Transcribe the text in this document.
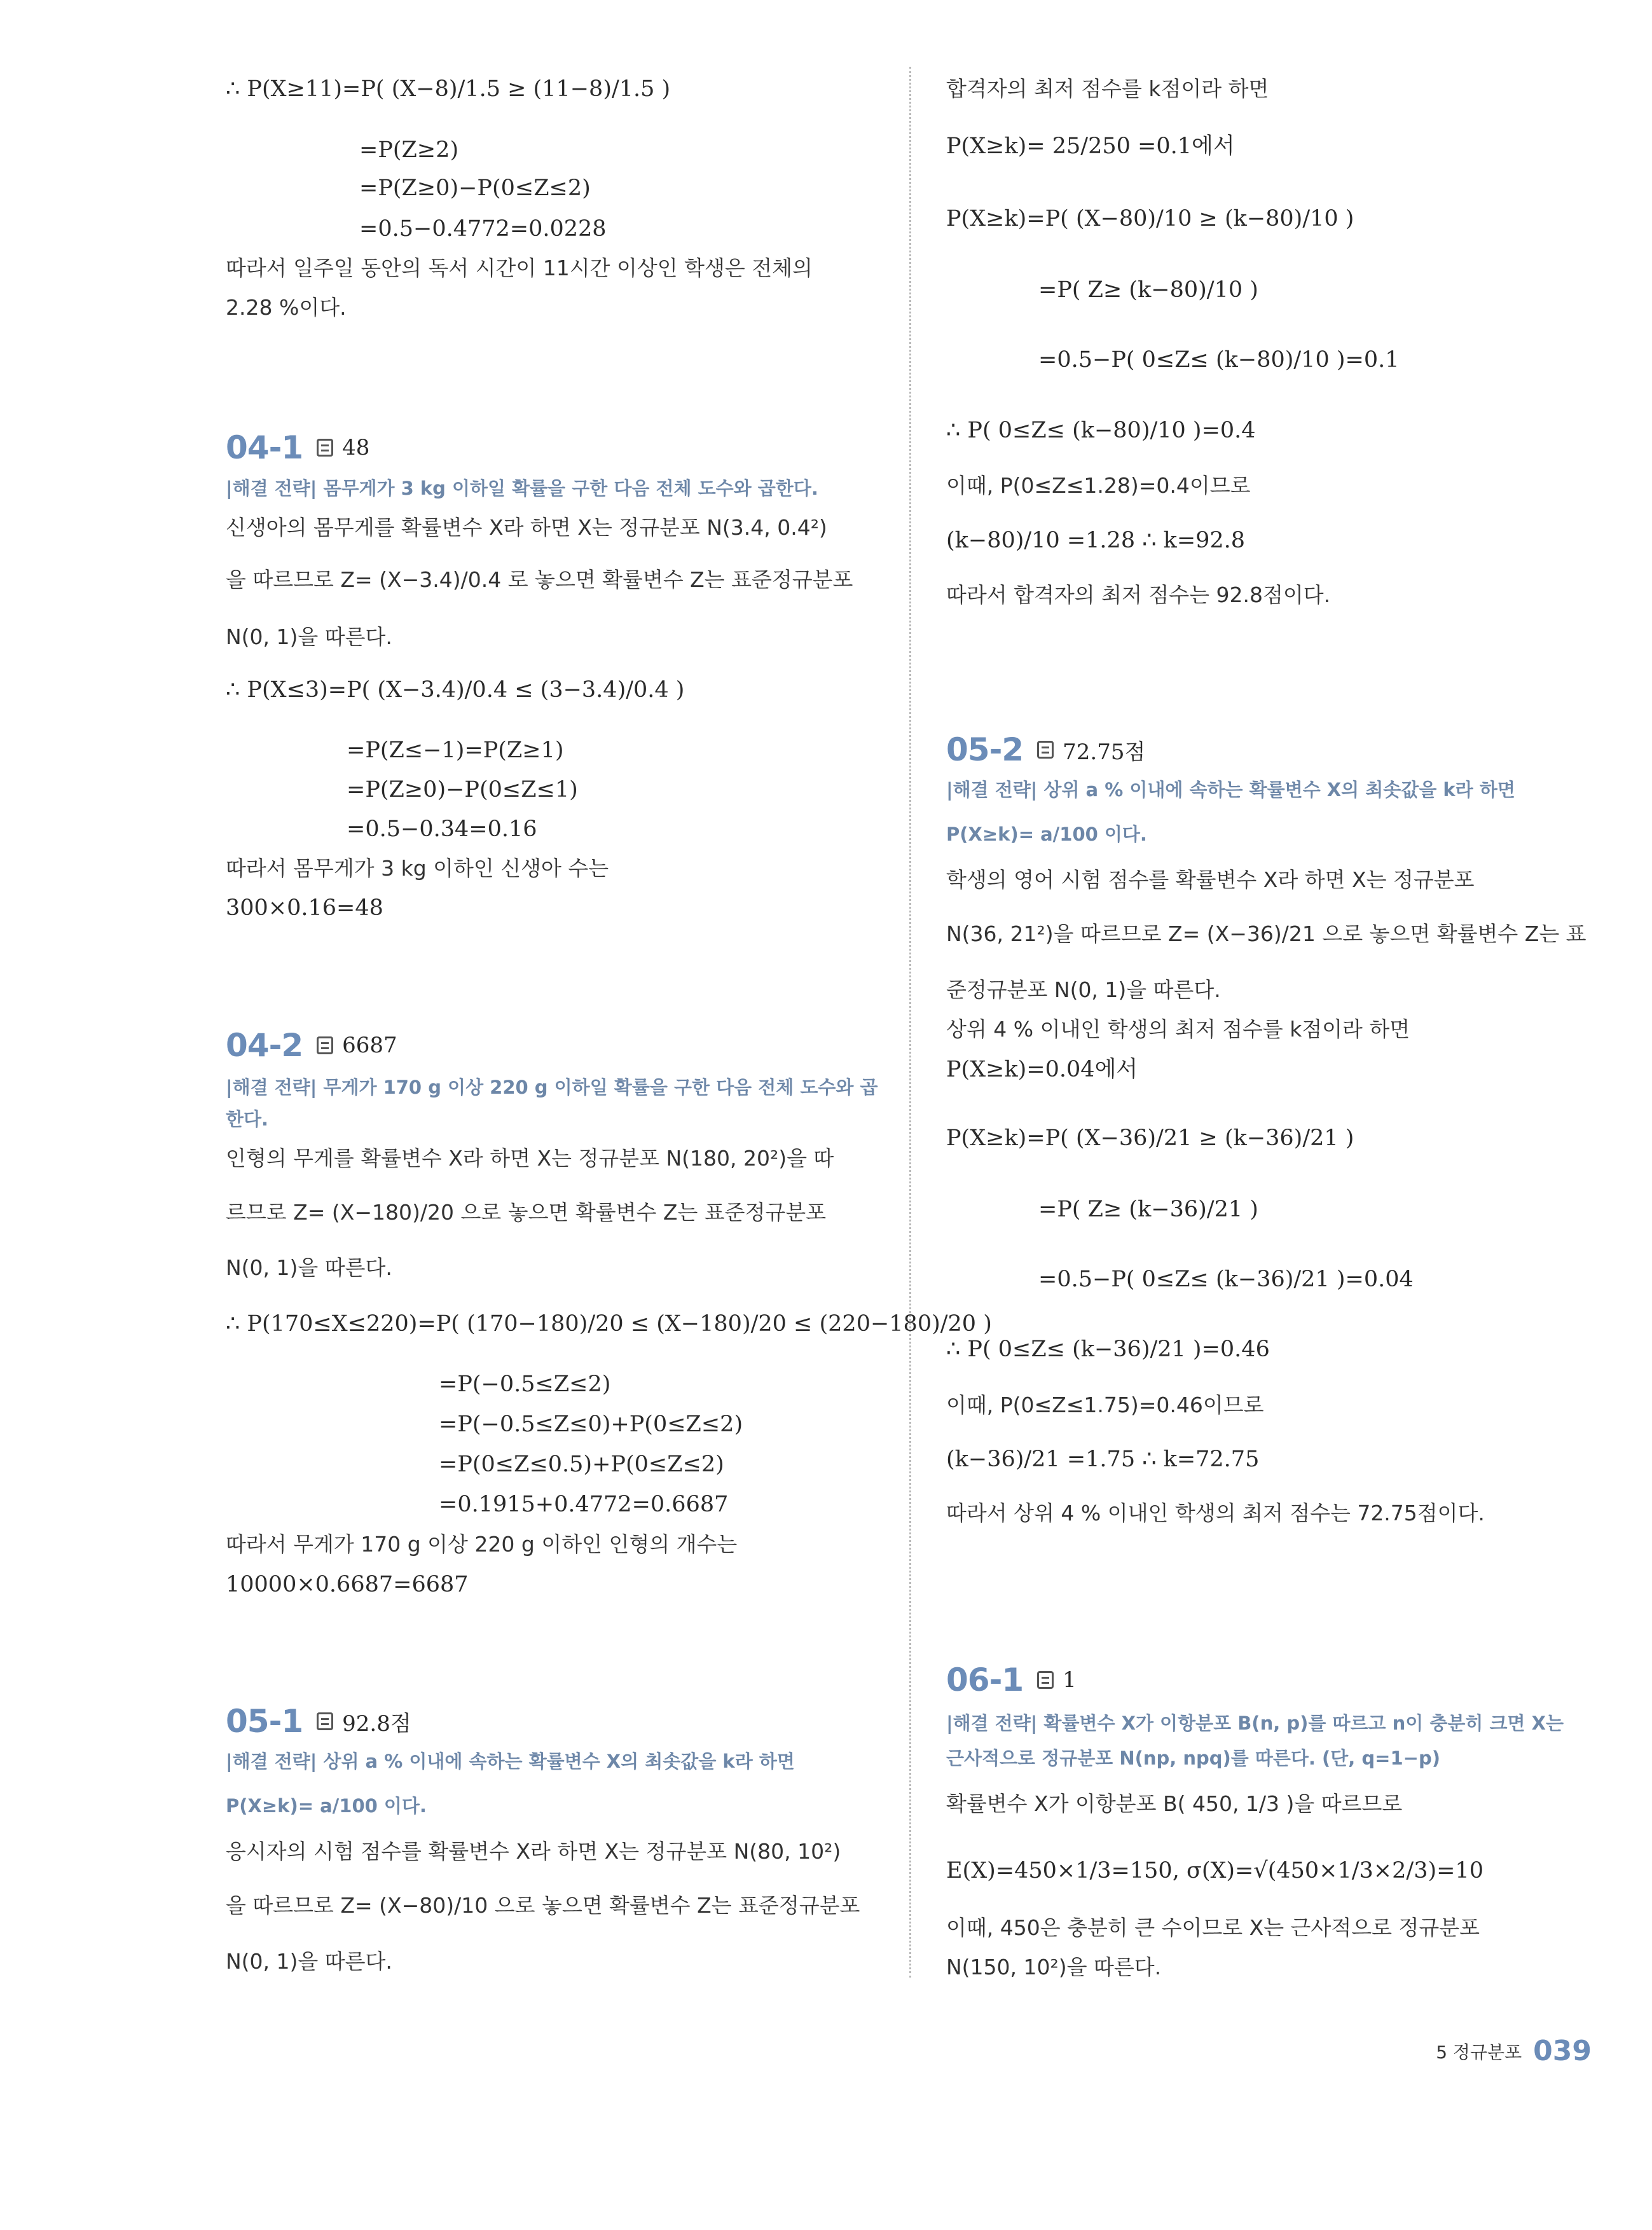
∴ P(X≥11)=P( (X−8)/1.5 ≥ (11−8)/1.5 )
=P(Z≥2)
=P(Z≥0)−P(0≤Z≤2)
=0.5−0.4772=0.0228
따라서 일주일 동안의 독서 시간이 11시간 이상인 학생은 전체의
2.28 %이다.
04-1 48
|해결 전략| 몸무게가 3 kg 이하일 확률을 구한 다음 전체 도수와 곱한다.
신생아의 몸무게를 확률변수 X라 하면 X는 정규분포 N(3.4, 0.4²)
을 따르므로 Z= (X−3.4)/0.4 로 놓으면 확률변수 Z는 표준정규분포
N(0, 1)을 따른다.
∴ P(X≤3)=P( (X−3.4)/0.4 ≤ (3−3.4)/0.4 )
=P(Z≤−1)=P(Z≥1)
=P(Z≥0)−P(0≤Z≤1)
=0.5−0.34=0.16
따라서 몸무게가 3 kg 이하인 신생아 수는
300×0.16=48
04-2 6687
|해결 전략| 무게가 170 g 이상 220 g 이하일 확률을 구한 다음 전체 도수와 곱
한다.
인형의 무게를 확률변수 X라 하면 X는 정규분포 N(180, 20²)을 따
르므로 Z= (X−180)/20 으로 놓으면 확률변수 Z는 표준정규분포
N(0, 1)을 따른다.
∴ P(170≤X≤220)=P( (170−180)/20 ≤ (X−180)/20 ≤ (220−180)/20 )
=P(−0.5≤Z≤2)
=P(−0.5≤Z≤0)+P(0≤Z≤2)
=P(0≤Z≤0.5)+P(0≤Z≤2)
=0.1915+0.4772=0.6687
따라서 무게가 170 g 이상 220 g 이하인 인형의 개수는
10000×0.6687=6687
05-1 92.8점
|해결 전략| 상위 a % 이내에 속하는 확률변수 X의 최솟값을 k라 하면
P(X≥k)= a/100 이다.
응시자의 시험 점수를 확률변수 X라 하면 X는 정규분포 N(80, 10²)
을 따르므로 Z= (X−80)/10 으로 놓으면 확률변수 Z는 표준정규분포
N(0, 1)을 따른다.
합격자의 최저 점수를 k점이라 하면
P(X≥k)= 25/250 =0.1에서
P(X≥k)=P( (X−80)/10 ≥ (k−80)/10 )
=P( Z≥ (k−80)/10 )
=0.5−P( 0≤Z≤ (k−80)/10 )=0.1
∴ P( 0≤Z≤ (k−80)/10 )=0.4
이때, P(0≤Z≤1.28)=0.4이므로
(k−80)/10 =1.28 ∴ k=92.8
따라서 합격자의 최저 점수는 92.8점이다.
05-2 72.75점
|해결 전략| 상위 a % 이내에 속하는 확률변수 X의 최솟값을 k라 하면
P(X≥k)= a/100 이다.
학생의 영어 시험 점수를 확률변수 X라 하면 X는 정규분포
N(36, 21²)을 따르므로 Z= (X−36)/21 으로 놓으면 확률변수 Z는 표
준정규분포 N(0, 1)을 따른다.
상위 4 % 이내인 학생의 최저 점수를 k점이라 하면
P(X≥k)=0.04에서
P(X≥k)=P( (X−36)/21 ≥ (k−36)/21 )
=P( Z≥ (k−36)/21 )
=0.5−P( 0≤Z≤ (k−36)/21 )=0.04
∴ P( 0≤Z≤ (k−36)/21 )=0.46
이때, P(0≤Z≤1.75)=0.46이므로
(k−36)/21 =1.75 ∴ k=72.75
따라서 상위 4 % 이내인 학생의 최저 점수는 72.75점이다.
06-1 1
|해결 전략| 확률변수 X가 이항분포 B(n, p)를 따르고 n이 충분히 크면 X는
근사적으로 정규분포 N(np, npq)를 따른다. (단, q=1−p)
확률변수 X가 이항분포 B( 450, 1/3 )을 따르므로
E(X)=450×1/3=150, σ(X)=√(450×1/3×2/3)=10
이때, 450은 충분히 큰 수이므로 X는 근사적으로 정규분포
N(150, 10²)을 따른다.
5 정규분포 039
